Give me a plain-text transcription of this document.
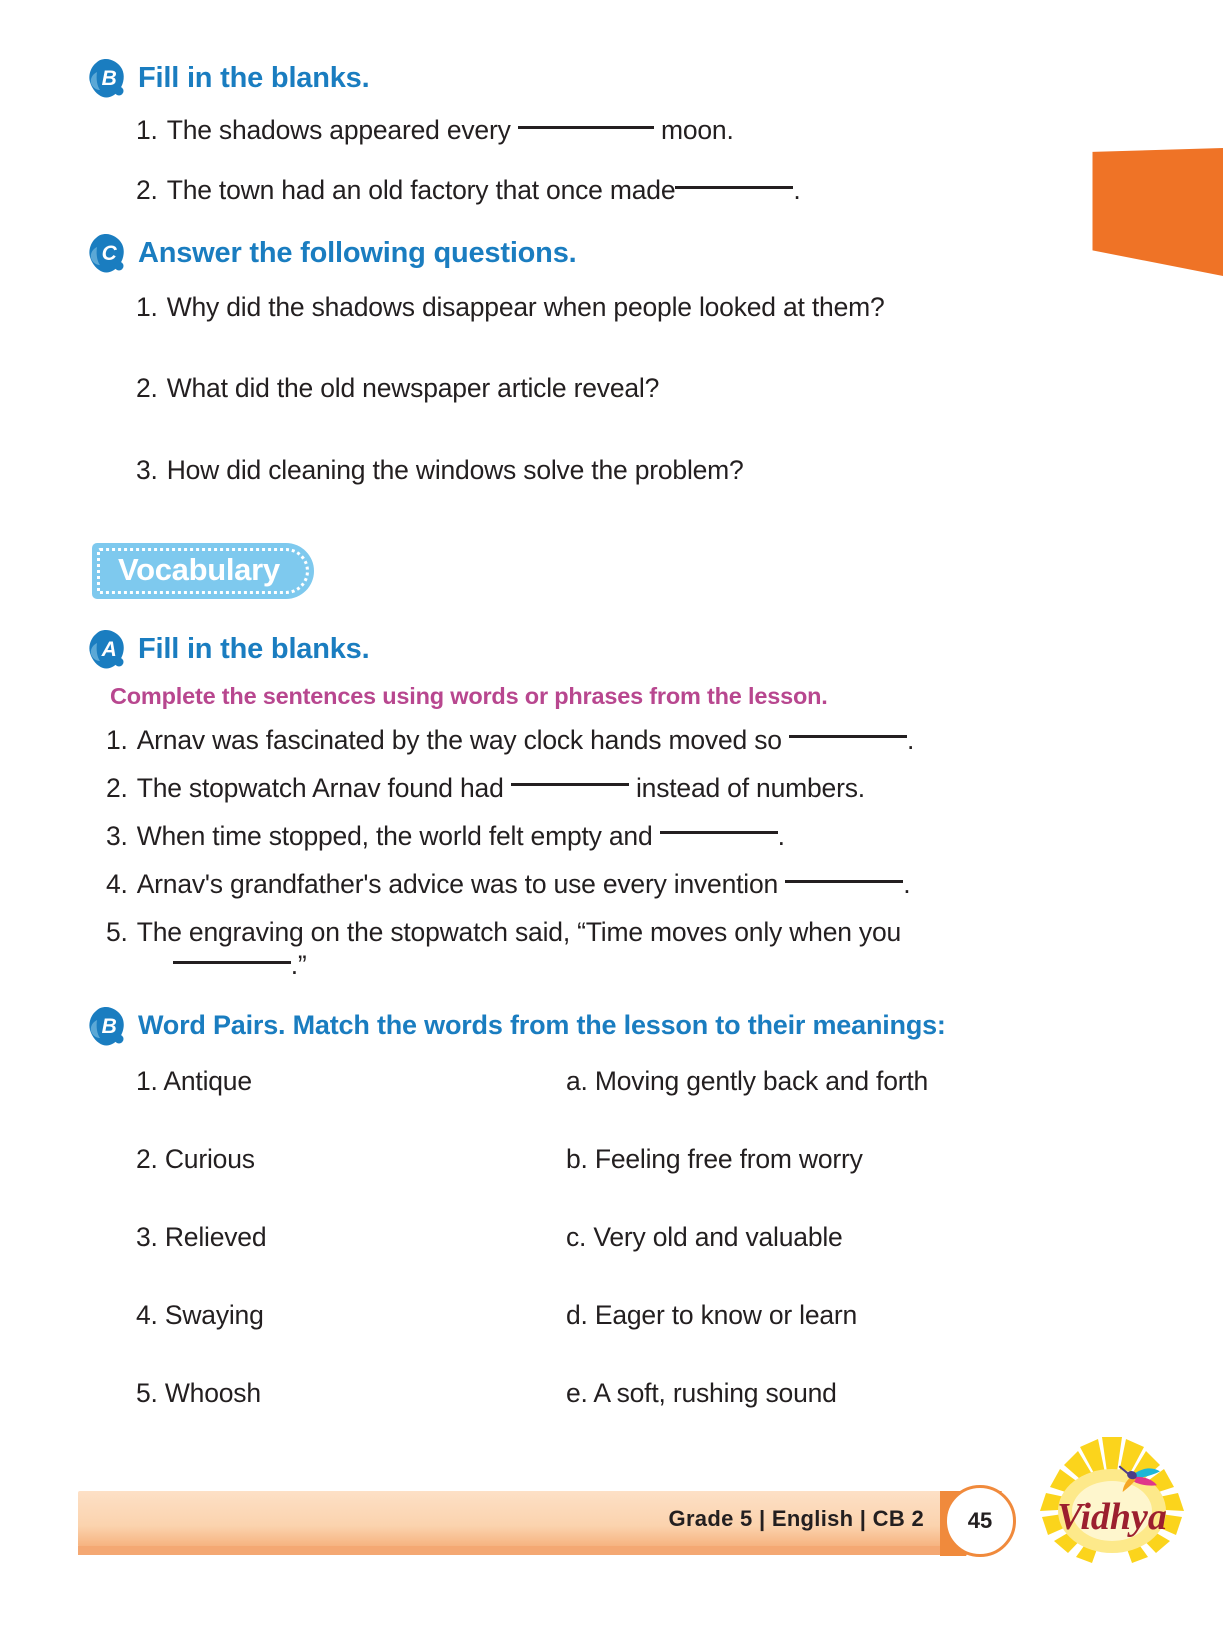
B Fill in the blanks.
1. The shadows appeared every	moon.
2. The town had an old factory that once made	.
C Answer the following questions.
1. Why did the shadows disappear when people looked at them?
2. What did the old newspaper article reveal?
3. How did cleaning the windows solve the problem?
Vocabulary
A Fill in the blanks.
Complete the sentences using words or phrases from the lesson.
1. Arnav was fascinated by the way clock hands moved so	.
2. The stopwatch Arnav found had	instead of numbers.
3. When time stopped, the world felt empty and	.
4. Arnav's grandfather's advice was to use every invention	.
5. The engraving on the stopwatch said, “Time moves only when you
.”
B Word Pairs. Match the words from the lesson to their meanings:
1. Antique	a. Moving gently back and forth
2. Curious	b. Feeling free from worry
3. Relieved	c. Very old and valuable
4. Swaying	d. Eager to know or learn
5. Whoosh	e. A soft, rushing sound
Grade 5 | English | CB 2	45	Vidhya
